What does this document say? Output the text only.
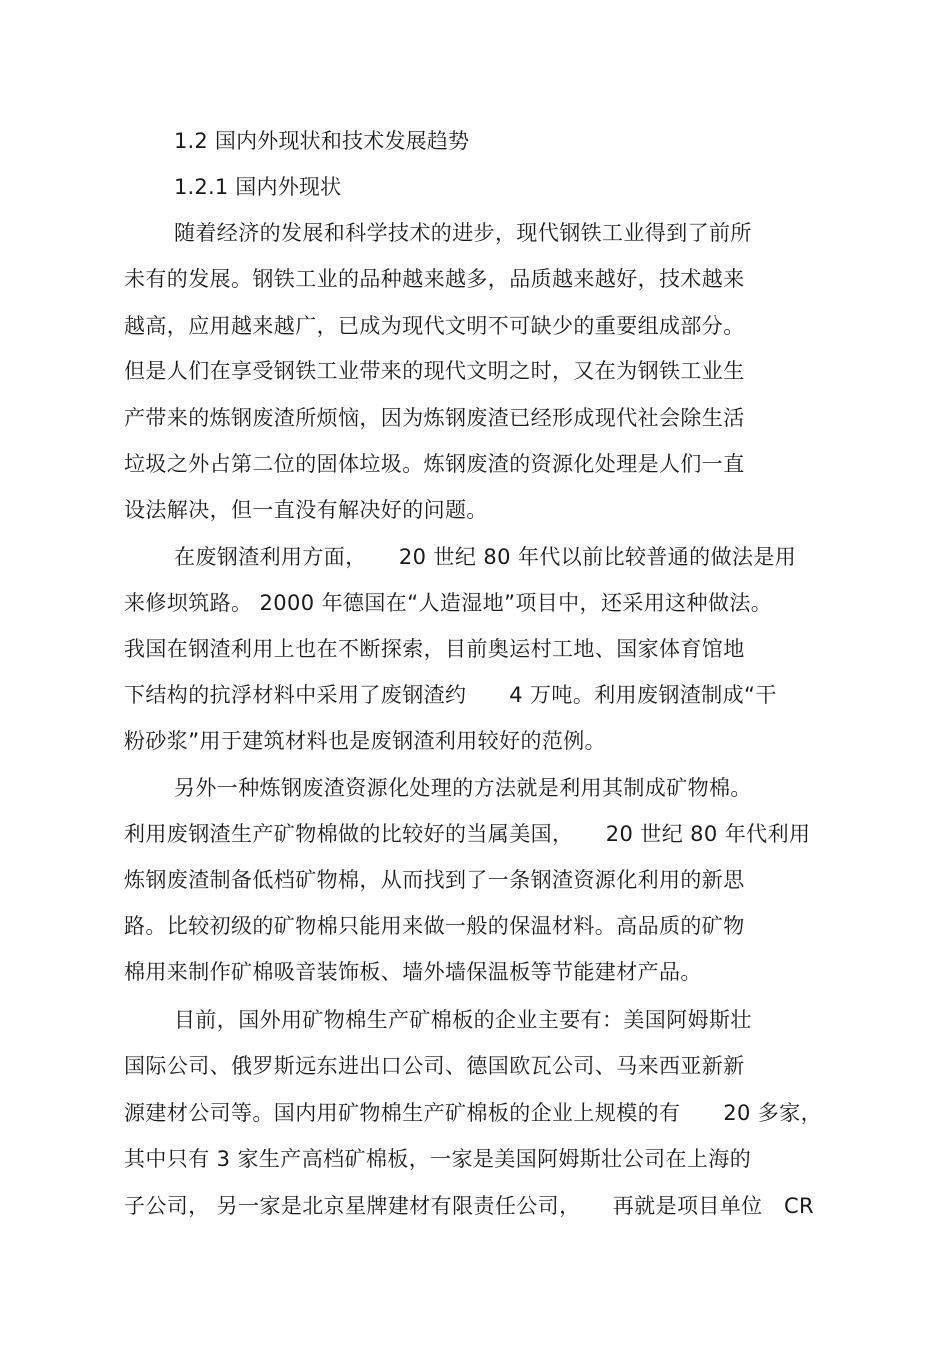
1.2 国内外现状和技术发展趋势
1.2.1 国内外现状
随着经济的发展和科学技术的进步，现代钢铁工业得到了前所
未有的发展。钢铁工业的品种越来越多，品质越来越好，技术越来
越高，应用越来越广，已成为现代文明不可缺少的重要组成部分。
但是人们在享受钢铁工业带来的现代文明之时，又在为钢铁工业生
产带来的炼钢废渣所烦恼，因为炼钢废渣已经形成现代社会除生活
垃圾之外占第二位的固体垃圾。炼钢废渣的资源化处理是人们一直
设法解决，但一直没有解决好的问题。
在废钢渣利用方面，　　20 世纪 80 年代以前比较普通的做法是用
来修坝筑路。 2000 年德国在“人造湿地”项目中，还采用这种做法。
我国在钢渣利用上也在不断探索，目前奥运村工地、国家体育馆地
下结构的抗浮材料中采用了废钢渣约　　4 万吨。利用废钢渣制成“干
粉砂浆”用于建筑材料也是废钢渣利用较好的范例。
另外一种炼钢废渣资源化处理的方法就是利用其制成矿物棉。
利用废钢渣生产矿物棉做的比较好的当属美国，　　20 世纪 80 年代利用
炼钢废渣制备低档矿物棉，从而找到了一条钢渣资源化利用的新思
路。比较初级的矿物棉只能用来做一般的保温材料。高品质的矿物
棉用来制作矿棉吸音装饰板、墙外墙保温板等节能建材产品。
目前，国外用矿物棉生产矿棉板的企业主要有：美国阿姆斯壮
国际公司、俄罗斯远东进出口公司、德国欧瓦公司、马来西亚新新
源建材公司等。国内用矿物棉生产矿棉板的企业上规模的有　　20 多家，
其中只有 3 家生产高档矿棉板，一家是美国阿姆斯壮公司在上海的
子公司， 另一家是北京星牌建材有限责任公司，　　再就是项目单位　CR
